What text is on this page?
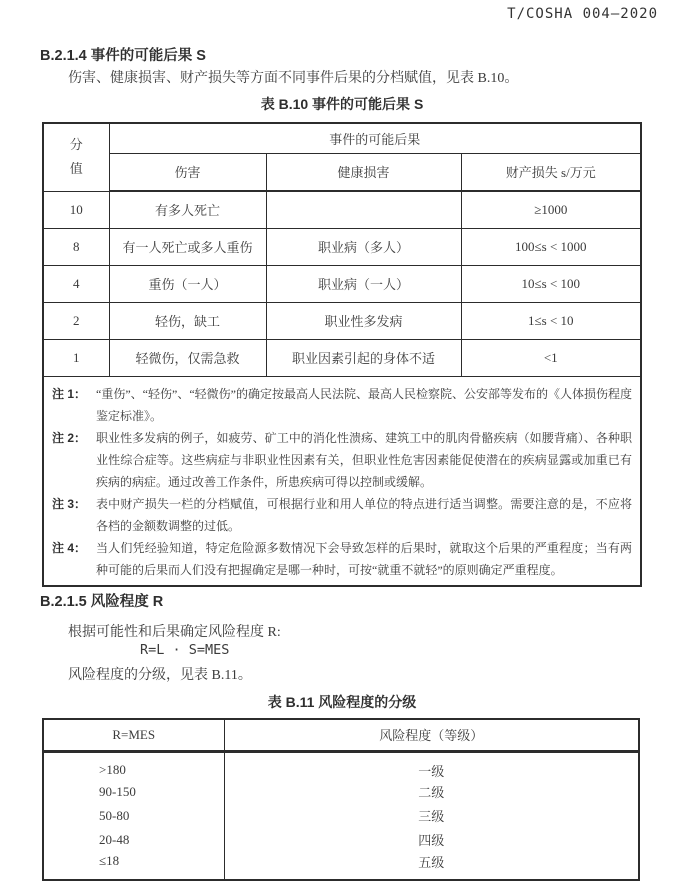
T/COSHA 004—2020
B.2.1.4 事件的可能后果 S
伤害、健康损害、财产损失等方面不同事件后果的分档赋值，见表 B.10。
表 B.10 事件的可能后果 S
分
值	事件的可能后果		
	伤害	健康损害	财产损失 s/万元
10	有多人死亡		≥1000
8	有一人死亡或多人重伤	职业病（多人）	100≤s < 1000
4	重伤（一人）	职业病（一人）	10≤s < 100
2	轻伤，缺工	职业性多发病	1≤s < 10
1	轻微伤，仅需急救	职业因素引起的身体不适	<1

注 1： “重伤”、“轻伤”、“轻微伤”的确定按最高人民法院、最高人民检察院、公安部等发布的《人体损伤程度鉴定标准》。
注 2： 职业性多发病的例子，如疲劳、矿工中的消化性溃疡、建筑工中的肌肉骨骼疾病（如腰背痛）、各种职业性综合症等。这些病症与非职业性因素有关，但职业性危害因素能促使潜在的疾病显露或加重已有疾病的病症。通过改善工作条件，所患疾病可得以控制或缓解。
注 3： 表中财产损失一栏的分档赋值，可根据行业和用人单位的特点进行适当调整。需要注意的是，不应将各档的金额数调整的过低。
注 4： 当人们凭经验知道，特定危险源多数情况下会导致怎样的后果时，就取这个后果的严重程度；当有两种可能的后果而人们没有把握确定是哪一种时，可按“就重不就轻”的原则确定严重程度。
B.2.1.5 风险程度 R
根据可能性和后果确定风险程度 R:
R=L · S=MES
风险程度的分级，见表 B.11。
表 B.11 风险程度的分级
R=MES	风险程度（等级）
>180	一级
90-150	二级
50-80	三级
20-48	四级
≤18	五级
